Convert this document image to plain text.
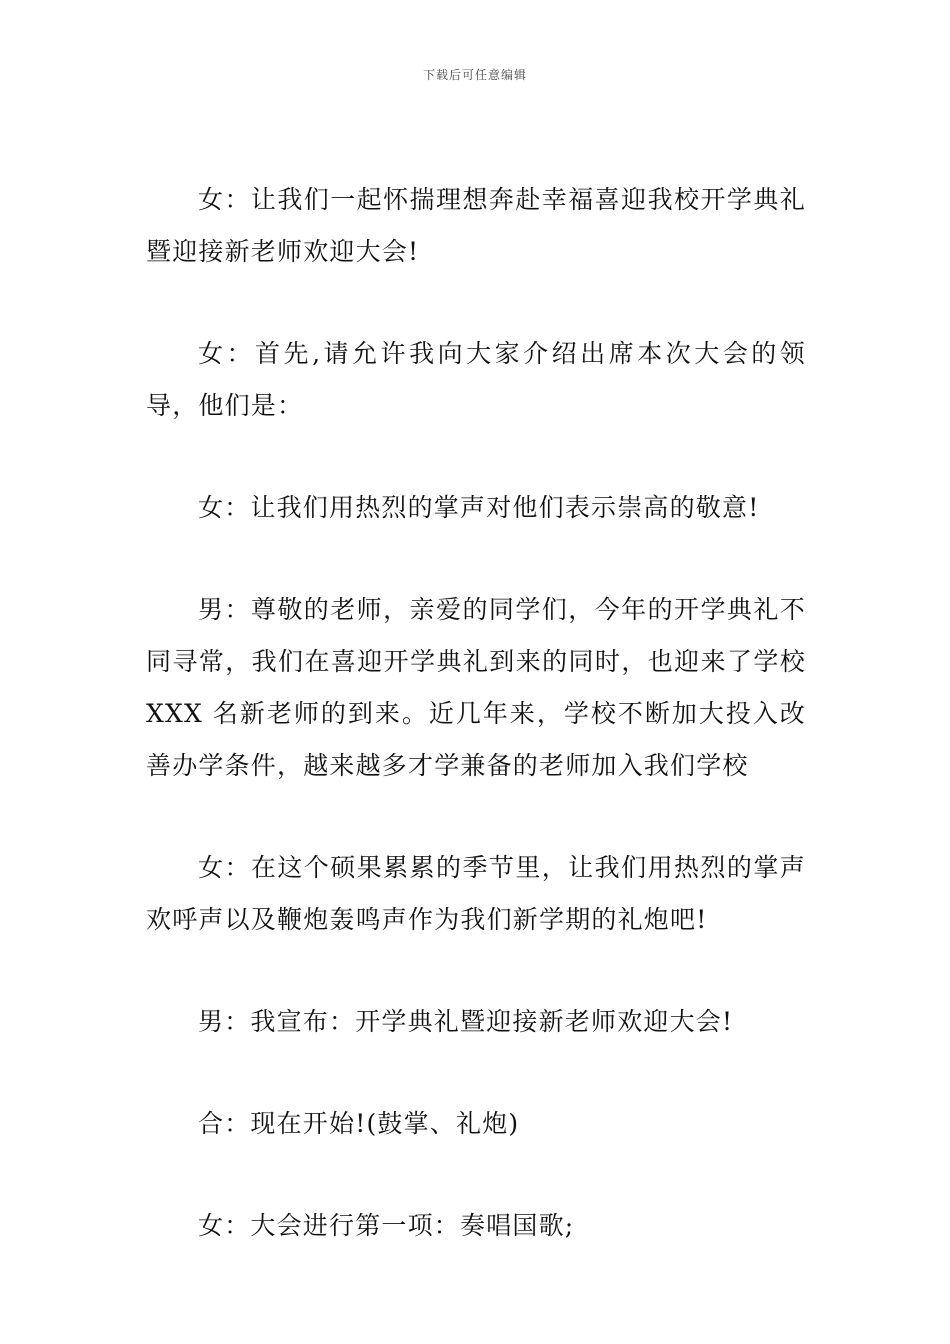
下载后可任意编辑

女：让我们一起怀揣理想奔赴幸福喜迎我校开学典礼暨迎接新老师欢迎大会!

女：首先,请允许我向大家介绍出席本次大会的领导，他们是：

女：让我们用热烈的掌声对他们表示崇高的敬意!

男：尊敬的老师，亲爱的同学们，今年的开学典礼不同寻常，我们在喜迎开学典礼到来的同时，也迎来了学校 XXX 名新老师的到来。近几年来，学校不断加大投入改善办学条件，越来越多才学兼备的老师加入我们学校

女：在这个硕果累累的季节里，让我们用热烈的掌声欢呼声以及鞭炮轰鸣声作为我们新学期的礼炮吧!

男：我宣布：开学典礼暨迎接新老师欢迎大会!

合：现在开始!(鼓掌、礼炮)

女：大会进行第一项：奏唱国歌;
